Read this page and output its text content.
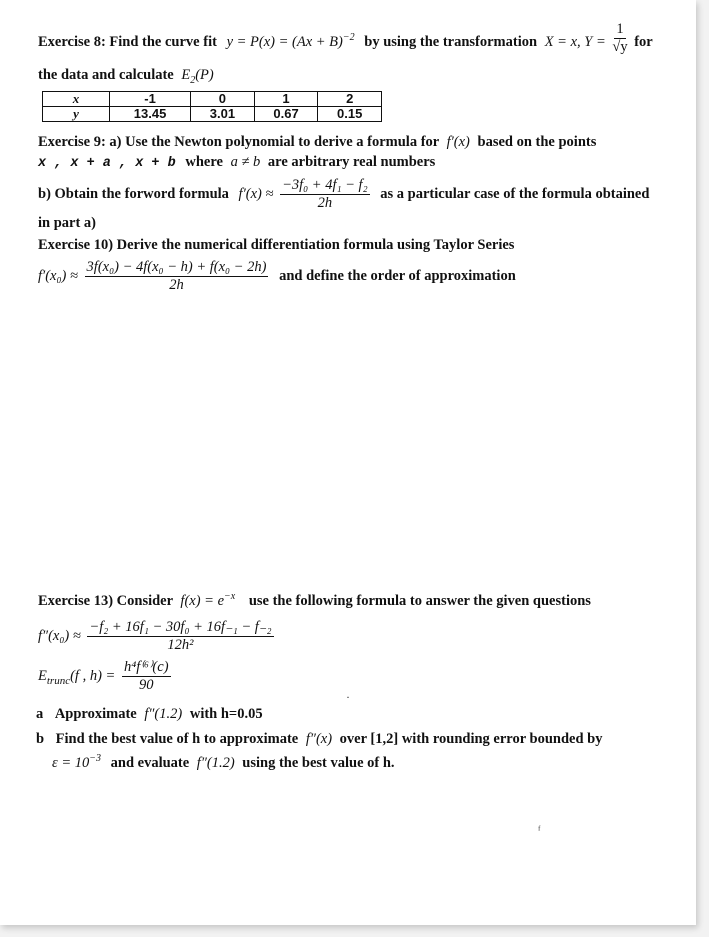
Exercise 8: Find the curve fit $y = P(x) = (Ax + B)^{-2}$ by using the transformation X = x, $Y = \frac{1}{√y}$ for
the data and calculate $E_2(P)$
x	-1	0	1	2
y	13.45	3.01	0.67	0.15
Exercise 9: a) Use the Newton polynomial to derive a formula for f′(x) based on the points
x , x + a , x + b where a ≠ b are arbitrary real numbers
b) Obtain the forword formula $f'(x) \approx \frac{\text{−3f₀ + 4f₁ − f₂}}{2h}$ as a particular case of the formula obtained
in part a)
Exercise 10) Derive the numerical differentiation formula using Taylor Series
$f'(x_0) \approx \frac{\text{3f(x₀) − 4f(x₀ − h) + f(x₀ − 2h)}}{2h}$ and define the order of approximation
Exercise 13) Consider $f(x) = e^{-x}$ use the following formula to answer the given questions
$f''(x_0) \approx \frac{\text{−f₂ + 16f₁ − 30f₀ + 16f₋₁ − f₋₂}}{\text{12h²}}$
$E_{trunc}(f$ , $h) = \frac{\text{h⁴f⁽⁶⁾(c)}}{90}$
a Approximate f″(1.2) with h=0.05
b Find the best value of h to approximate f″(x) over [1,2] with rounding error bounded by
$\varepsilon = 10^{-3}$ and evaluate f″(1.2) using the best value of h.
·
ᶠ
